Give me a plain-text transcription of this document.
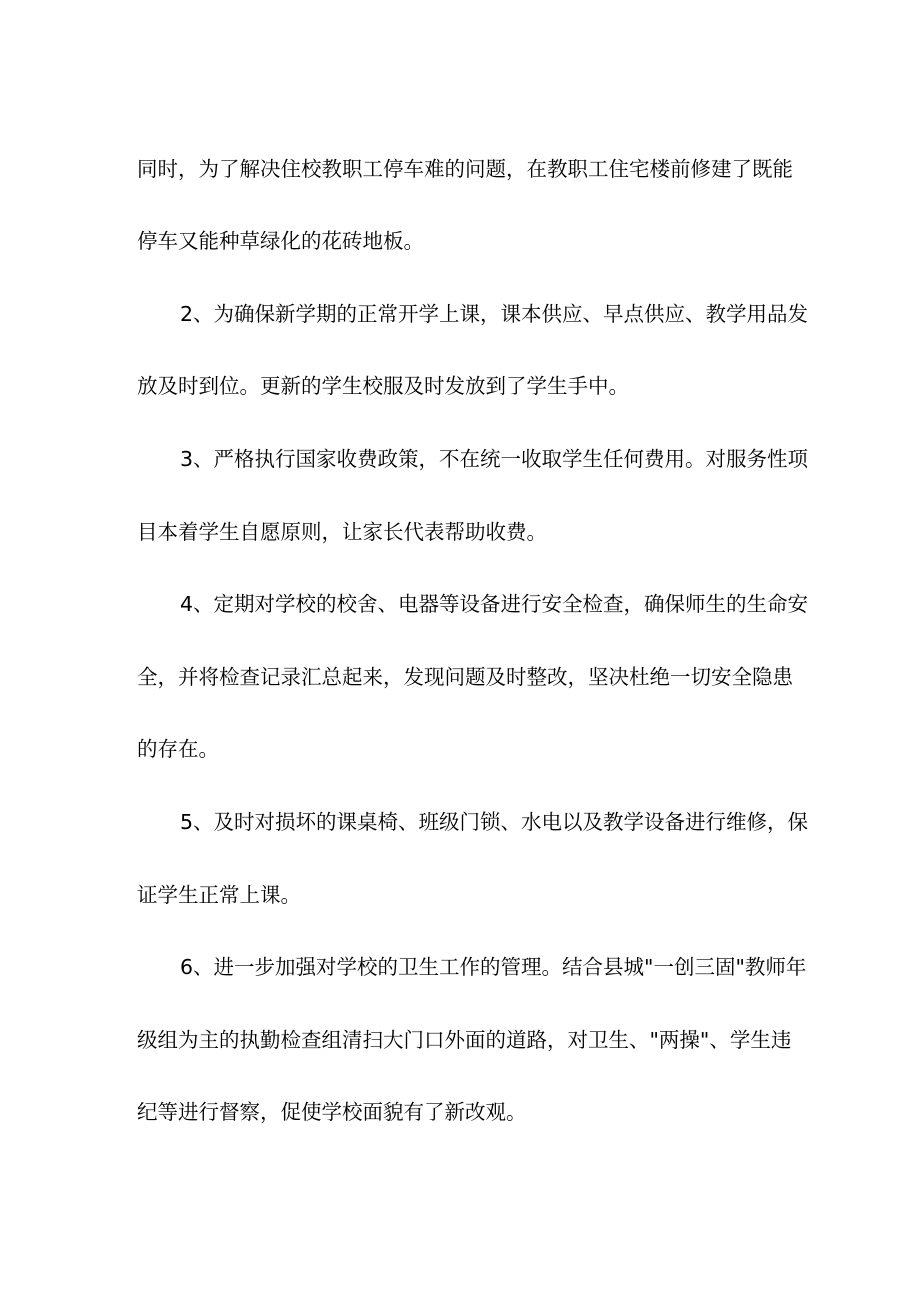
同时，为了解决住校教职工停车难的问题，在教职工住宅楼前修建了既能
停车又能种草绿化的花砖地板。
2、为确保新学期的正常开学上课，课本供应、早点供应、教学用品发
放及时到位。更新的学生校服及时发放到了学生手中。
3、严格执行国家收费政策，不在统一收取学生任何费用。对服务性项
目本着学生自愿原则，让家长代表帮助收费。
4、定期对学校的校舍、电器等设备进行安全检查，确保师生的生命安
全，并将检查记录汇总起来，发现问题及时整改，坚决杜绝一切安全隐患
的存在。
5、及时对损坏的课桌椅、班级门锁、水电以及教学设备进行维修，保
证学生正常上课。
6、进一步加强对学校的卫生工作的管理。结合县城"一创三固"教师年
级组为主的执勤检查组清扫大门口外面的道路，对卫生、"两操"、学生违
纪等进行督察，促使学校面貌有了新改观。
